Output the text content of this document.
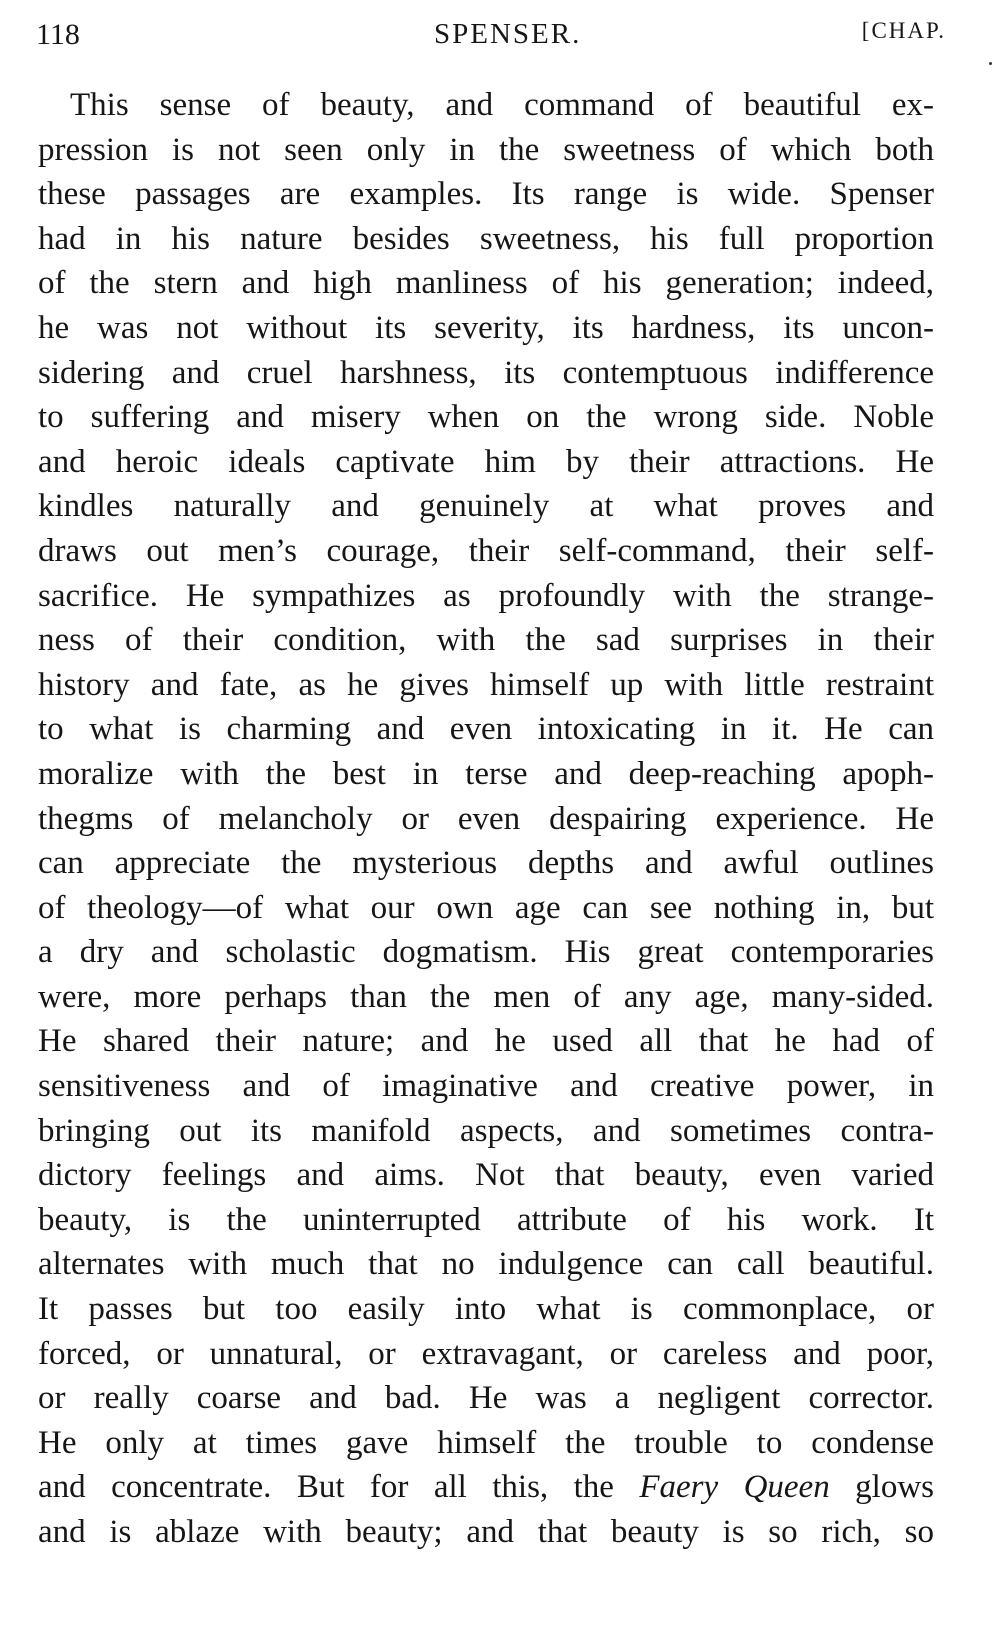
118	SPENSER.	[CHAP.
This sense of beauty, and command of beautiful ex-
pression is not seen only in the sweetness of which both
these passages are examples. Its range is wide. Spenser
had in his nature besides sweetness, his full proportion
of the stern and high manliness of his generation; indeed,
he was not without its severity, its hardness, its uncon-
sidering and cruel harshness, its contemptuous indifference
to suffering and misery when on the wrong side. Noble
and heroic ideals captivate him by their attractions. He
kindles naturally and genuinely at what proves and
draws out men’s courage, their self-command, their self-
sacrifice. He sympathizes as profoundly with the strange-
ness of their condition, with the sad surprises in their
history and fate, as he gives himself up with little restraint
to what is charming and even intoxicating in it. He can
moralize with the best in terse and deep-reaching apoph-
thegms of melancholy or even despairing experience. He
can appreciate the mysterious depths and awful outlines
of theology—of what our own age can see nothing in, but
a dry and scholastic dogmatism. His great contemporaries
were, more perhaps than the men of any age, many-sided.
He shared their nature; and he used all that he had of
sensitiveness and of imaginative and creative power, in
bringing out its manifold aspects, and sometimes contra-
dictory feelings and aims. Not that beauty, even varied
beauty, is the uninterrupted attribute of his work. It
alternates with much that no indulgence can call beautiful.
It passes but too easily into what is commonplace, or
forced, or unnatural, or extravagant, or careless and poor,
or really coarse and bad. He was a negligent corrector.
He only at times gave himself the trouble to condense
and concentrate. But for all this, the Faery Queen glows
and is ablaze with beauty; and that beauty is so rich, so
